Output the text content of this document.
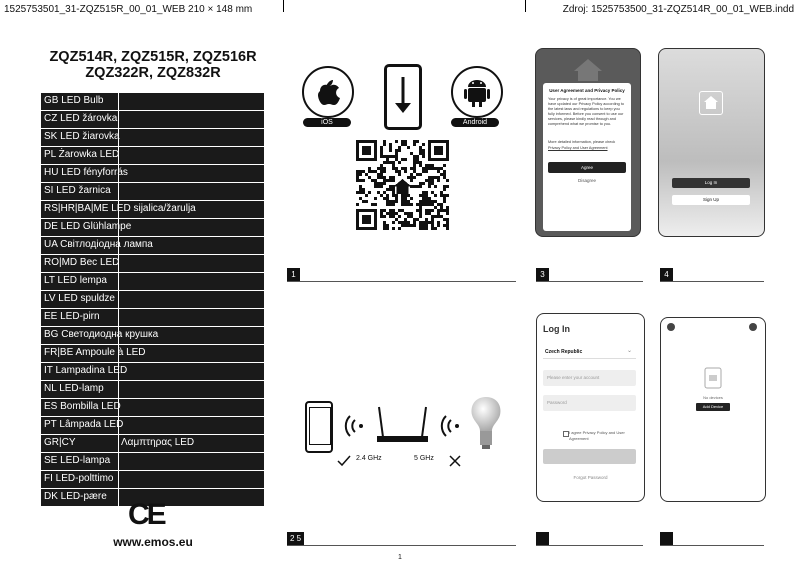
1525753501_31-ZQZ515R_00_01_WEB 210 × 148 mm	Zdroj: 1525753500_31-ZQZ514R_00_01_WEB.indd
ZQZ514R, ZQZ515R, ZQZ516R
ZQZ322R, ZQZ832R
GB LED Bulb
CZ LED žárovka
SK LED žiarovka
PL Żarowka LED
HU LED fényforrás
SI LED žarnica
RS|HR|BA|ME LED sijalica/žarulja
DE LED Glühlampe
UA Світлодіодна лампа
RO|MD Bec LED
LT LED lempa
LV LED spuldze
EE LED-pirn
BG Светодиодна крушка
FR|BE Ampoule à LED
IT Lampadina LED
NL LED-lamp
ES Bombilla LED
PT Lâmpada LED
GR|CY	Λαμπτηρας LED
SE LED-lampa
FI LED-polttimo
DK LED-pære
CE
www.emos.eu
iOS	Android
User Agreement and Privacy Policy
Your privacy is of great importance. You we have updated our Privacy Policy according to the latest laws and regulations to keep you fully informed. Before you consent to use our services, please kindly read through and comprehend what we promise to you.
More detailed information, please check
Privacy Policy and User Agreement
Agree
Disagree	Log In
Sign Up
1	3	4
2.4 GHz	5 GHz
Log In
Czech Republic	⌄
Please enter your account
Password
I agree Privacy Policy and User Agreement
Forgot Password
No devices
Add Device
2 5
1
